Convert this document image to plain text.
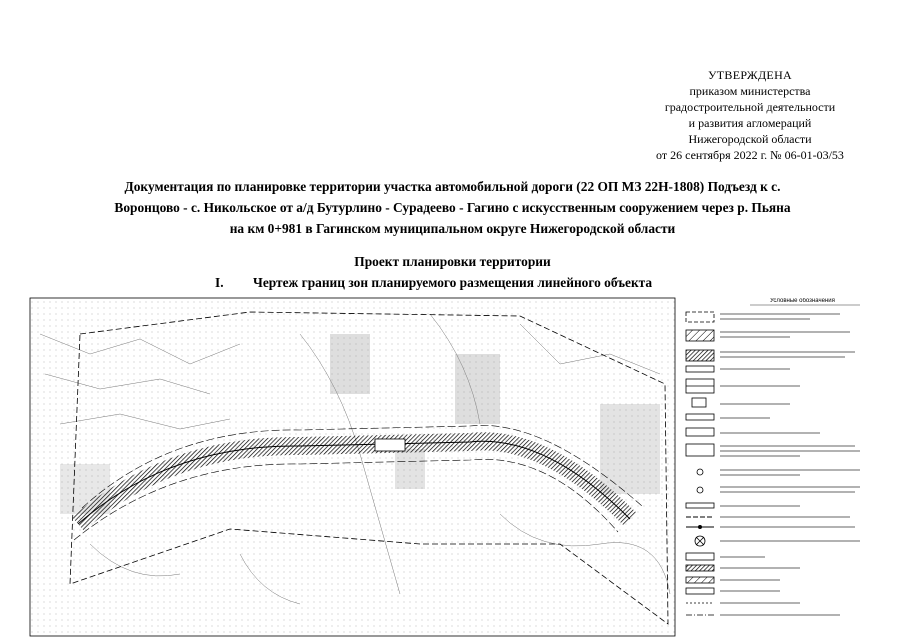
УТВЕРЖДЕНА
приказом министерства
градостроительной деятельности
и развития агломераций
Нижегородской области
от 26 сентября 2022 г. № 06-01-03/53
Документация по планировке территории участка автомобильной дороги (22 ОП МЗ 22Н-1808) Подъезд к с.
Воронцово - с. Никольское от а/д Бутурлино - Сурадеево - Гагино с искусственным сооружением через р. Пьяна
на км 0+981 в Гагинском муниципальном округе Нижегородской области
Проект планировки территории
I. Чертеж границ зон планируемого размещения линейного объекта
Условные обозначения
